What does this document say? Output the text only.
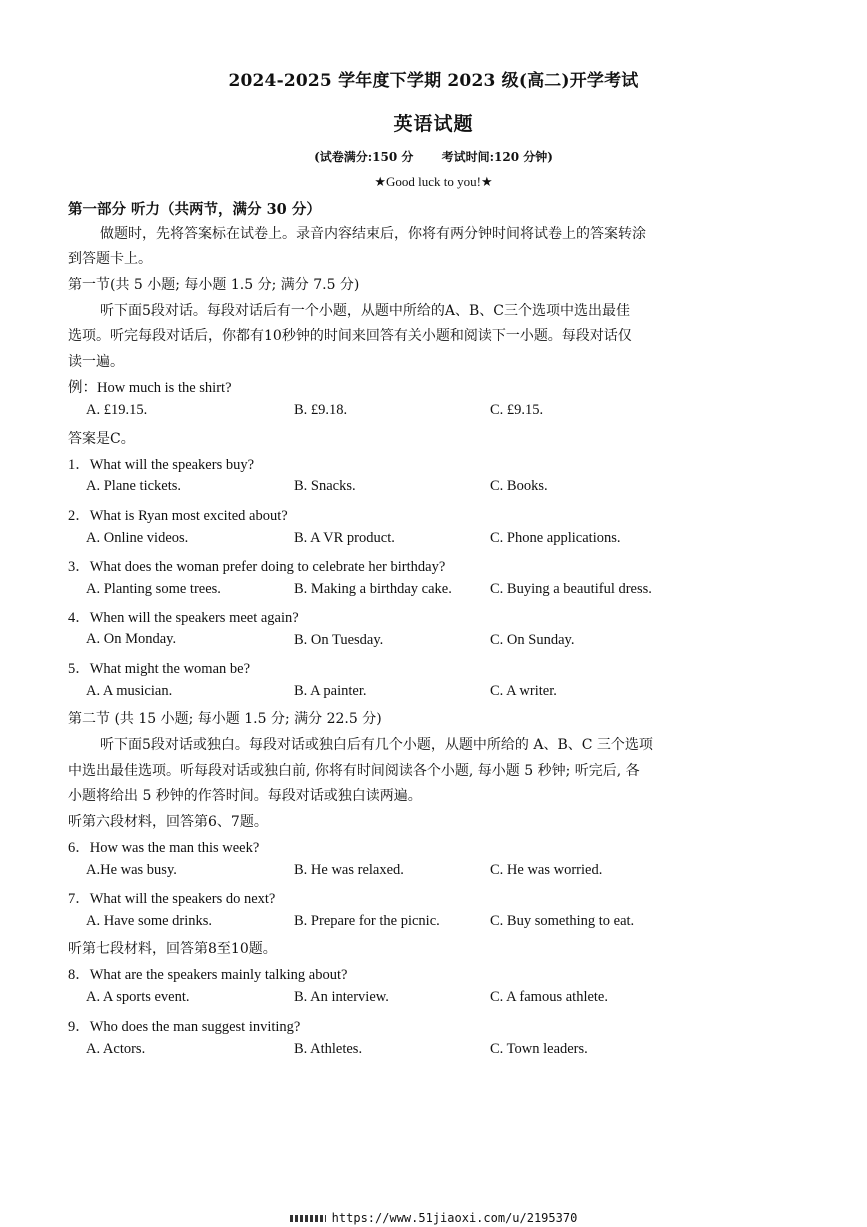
2024-2025 学年度下学期 2023 级(高二)开学考试
英语试题
(试卷满分:150 分 考试时间:120 分钟)
★Good luck to you!★
第一部分 听力（共两节，满分 30 分）
做题时，先将答案标在试卷上。录音内容结束后，你将有两分钟时间将试卷上的答案转涂
到答题卡上。
第一节(共 5 小题; 每小题 1.5 分; 满分 7.5 分)
听下面5段对话。每段对话后有一个小题，从题中所给的A、B、C三个选项中选出最佳
选项。听完每段对话后，你都有10秒钟的时间来回答有关小题和阅读下一小题。每段对话仅
读一遍。
例：How much is the shirt?
A. £19.15.	B. £9.18.	C. £9.15.
答案是C。
1．What will the speakers buy?
A. Plane tickets.	B. Snacks.	C. Books.
2．What is Ryan most excited about?
A. Online videos.	B. A VR product.	C. Phone applications.
3．What does the woman prefer doing to celebrate her birthday?
A. Planting some trees.	B. Making a birthday cake.	C. Buying a beautiful dress.
4．When will the speakers meet again?
A. On Monday.	B. On Tuesday.	C. On Sunday.
5．What might the woman be?
A. A musician.	B. A painter.	C. A writer.
第二节 (共 15 小题; 每小题 1.5 分; 满分 22.5 分)
听下面5段对话或独白。每段对话或独白后有几个小题，从题中所给的 A、B、C 三个选项
中选出最佳选项。听每段对话或独白前, 你将有时间阅读各个小题, 每小题 5 秒钟; 听完后, 各
小题将给出 5 秒钟的作答时间。每段对话或独白读两遍。
听第六段材料，回答第6、7题。
6．How was the man this week?
A.He was busy.	B. He was relaxed.	C. He was worried.
7．What will the speakers do next?
A. Have some drinks.	B. Prepare for the picnic.	C. Buy something to eat.
听第七段材料，回答第8至10题。
8．What are the speakers mainly talking about?
A. A sports event.	B. An interview.	C. A famous athlete.
9．Who does the man suggest inviting?
A. Actors.	B. Athletes.	C. Town leaders.
https://www.51jiaoxi.com/u/2195370
